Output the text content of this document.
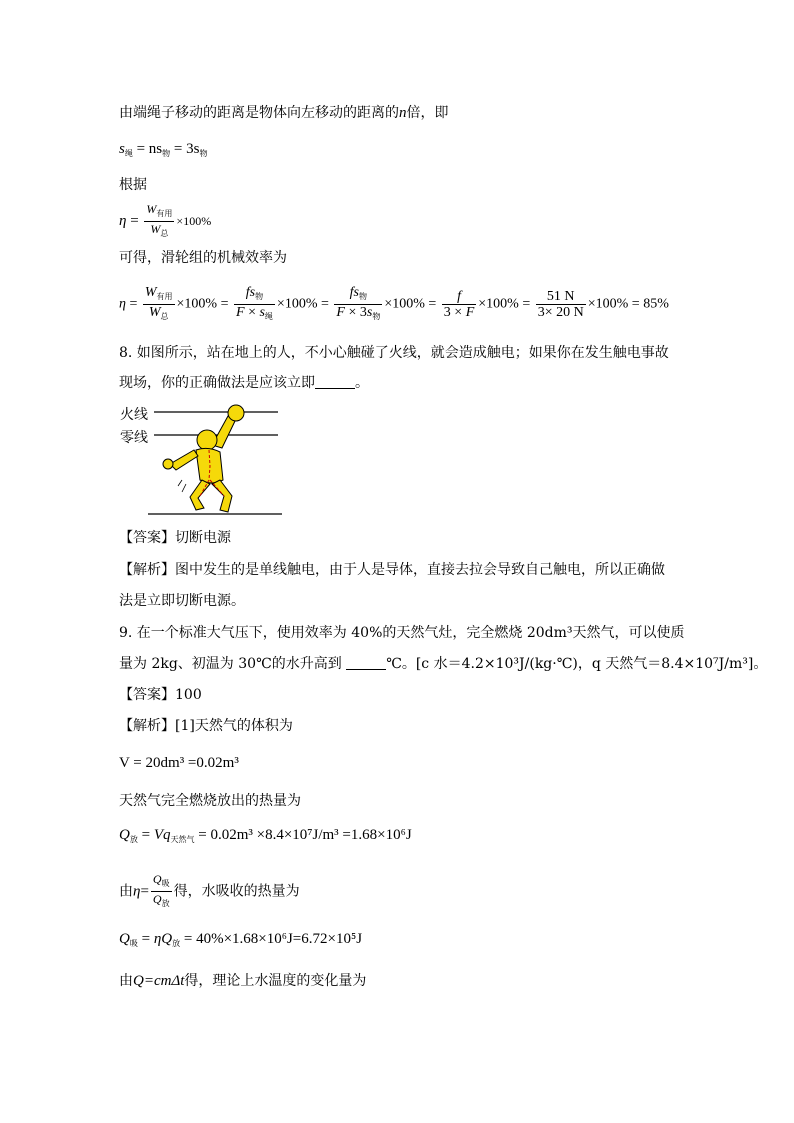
由端绳子移动的距离是物体向左移动的距离的n倍，即
$s_绳 = ns_物 = 3s_物$
根据
$\eta = \frac{W_{有用}}{W_总} \times 100\%$
可得，滑轮组的机械效率为
$\eta = \frac{W_{有用}}{W_总} \times 100\% = \frac{fs_物}{F \times s_绳} \times 100\% = \frac{fs_物}{F \times 3s_物} \times 100\% = \frac{f}{3 \times F} \times 100\% = \frac{51 N}{3\times 20 N} \times 100\% = 85\%$
8. 如图所示，站在地上的人，不小心触碰了火线，就会造成触电；如果你在发生触电事故
现场，你的正确做法是应该立即	。
火线
零线
【答案】切断电源
【解析】图中发生的是单线触电，由于人是导体，直接去拉会导致自己触电，所以正确做
法是立即切断电源。
9. 在一个标准大气压下，使用效率为 40%的天然气灶，完全燃烧 20dm³天然气，可以使质
量为 2kg、初温为 30℃的水升高到	℃。[c 水＝4.2×10³J/(kg·℃)，q 天然气＝8.4×10⁷J/m³]。
【答案】100
【解析】[1]天然气的体积为
V = 20dm³ =0.02m³
天然气完全燃烧放出的热量为
$Q_放 = Vq_{天然气} = 0.02m^3 \times 8.4\times 10^7J/m^3 =1.68\times 10^6J$
由$\eta= \frac{Q_吸}{Q_放}$ 得，水吸收的热量为
$Q_吸 = \eta Q_放 = 40\%\times 1.68\times 10^6J=6.72\times 10^5J$
由Q=cmΔt得，理论上水温度的变化量为
